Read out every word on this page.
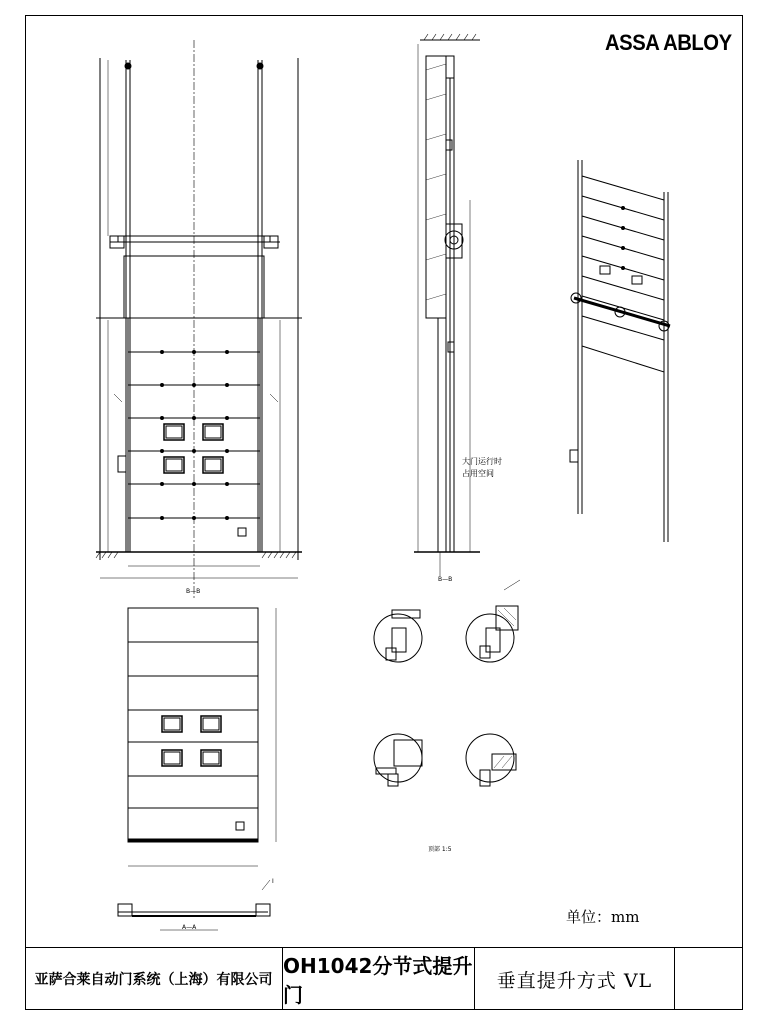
ASSA ABLOY
B—B
B—B
A—A
I
大门运行时
占用空间
顶部 1:5
单位：mm
亚萨合莱自动门系统（上海）有限公司
OH1042分节式提升门
垂直提升方式 VL
